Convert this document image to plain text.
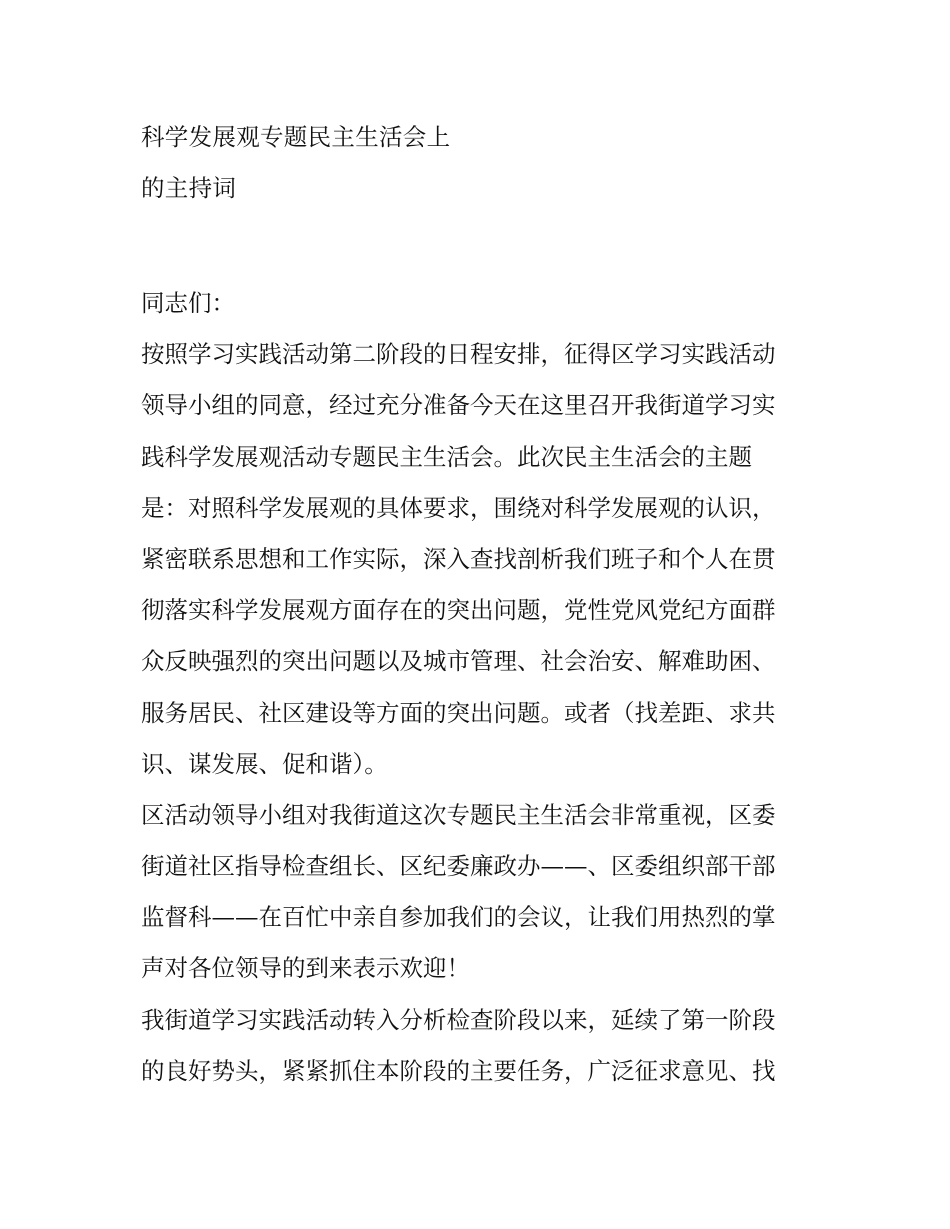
科学发展观专题民主生活会上
的主持词
同志们：
按照学习实践活动第二阶段的日程安排，征得区学习实践活动
领导小组的同意，经过充分准备今天在这里召开我街道学习实
践科学发展观活动专题民主生活会。此次民主生活会的主题
是：对照科学发展观的具体要求，围绕对科学发展观的认识，
紧密联系思想和工作实际，深入查找剖析我们班子和个人在贯
彻落实科学发展观方面存在的突出问题，党性党风党纪方面群
众反映强烈的突出问题以及城市管理、社会治安、解难助困、
服务居民、社区建设等方面的突出问题。或者（找差距、求共
识、谋发展、促和谐）。
区活动领导小组对我街道这次专题民主生活会非常重视，区委
街道社区指导检查组长、区纪委廉政办——、区委组织部干部
监督科——在百忙中亲自参加我们的会议，让我们用热烈的掌
声对各位领导的到来表示欢迎！
我街道学习实践活动转入分析检查阶段以来，延续了第一阶段
的良好势头，紧紧抓住本阶段的主要任务，广泛征求意见、找
